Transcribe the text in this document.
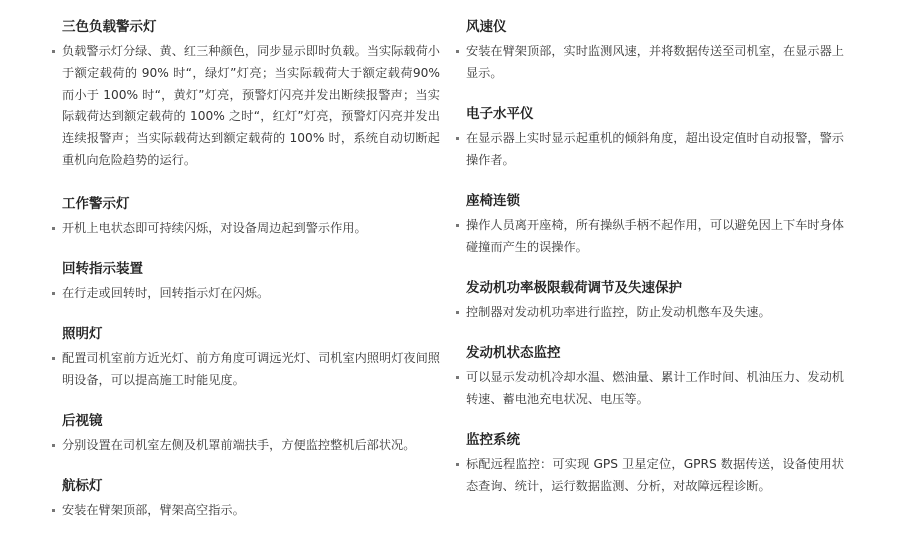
三色负载警示灯
负载警示灯分绿、黄、红三种颜色，同步显示即时负载。当实际载荷小于额定载荷的 90% 时“，绿灯”灯亮；当实际载荷大于额定载荷90% 而小于 100% 时“，黄灯”灯亮，预警灯闪亮并发出断续报警声；当实际载荷达到额定载荷的 100% 之时“，红灯”灯亮，预警灯闪亮并发出连续报警声；当实际载荷达到额定载荷的 100% 时，系统自动切断起重机向危险趋势的运行。
工作警示灯
开机上电状态即可持续闪烁，对设备周边起到警示作用。
回转指示装置
在行走或回转时，回转指示灯在闪烁。
照明灯
配置司机室前方近光灯、前方角度可调远光灯、司机室内照明灯夜间照明设备，可以提高施工时能见度。
后视镜
分别设置在司机室左侧及机罩前端扶手，方便监控整机后部状况。
航标灯
安装在臂架顶部，臂架高空指示。
风速仪
安装在臂架顶部，实时监测风速，并将数据传送至司机室，在显示器上显示。
电子水平仪
在显示器上实时显示起重机的倾斜角度，超出设定值时自动报警，警示操作者。
座椅连锁
操作人员离开座椅，所有操纵手柄不起作用，可以避免因上下车时身体碰撞而产生的误操作。
发动机功率极限载荷调节及失速保护
控制器对发动机功率进行监控，防止发动机憋车及失速。
发动机状态监控
可以显示发动机冷却水温、燃油量、累计工作时间、机油压力、发动机转速、蓄电池充电状况、电压等。
监控系统
标配远程监控：可实现 GPS 卫星定位，GPRS 数据传送，设备使用状态查询、统计，运行数据监测、分析，对故障远程诊断。
